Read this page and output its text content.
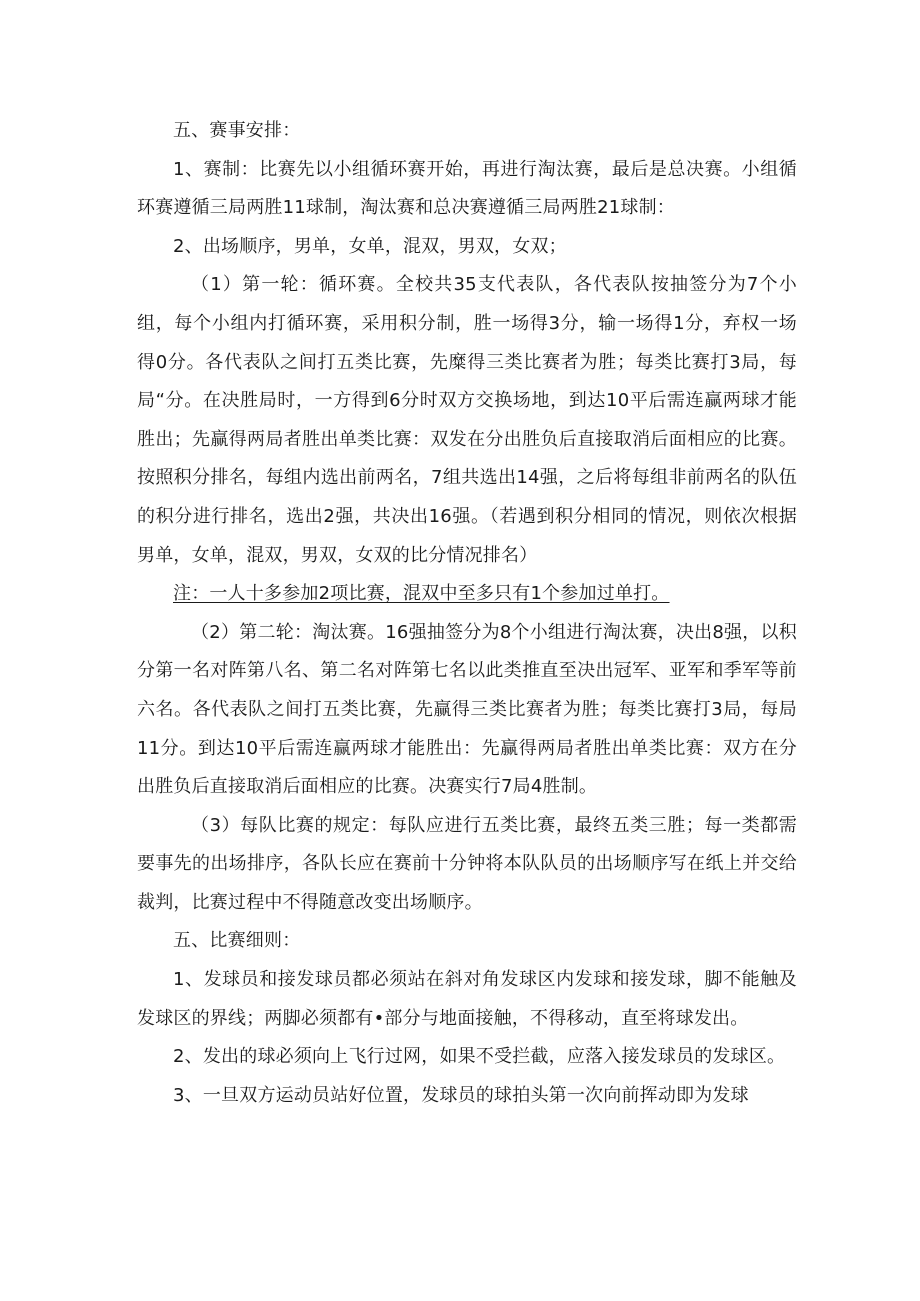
五、赛事安排：

1、赛制：比赛先以小组循环赛开始，再进行淘汰赛，最后是总决赛。小组循环赛遵循三局两胜11球制，淘汰赛和总决赛遵循三局两胜21球制：

2、出场顺序，男单，女单，混双，男双，女双；

（1）第一轮：循环赛。全校共35支代表队，各代表队按抽签分为7个小组，每个小组内打循环赛，采用积分制，胜一场得3分，输一场得1分，弃权一场得0分。各代表队之间打五类比赛，先糜得三类比赛者为胜；每类比赛打3局，每局“分。在决胜局时，一方得到6分时双方交换场地，到达10平后需连赢两球才能胜出；先赢得两局者胜出单类比赛：双发在分出胜负后直接取消后面相应的比赛。按照积分排名，每组内选出前两名，7组共选出14强，之后将每组非前两名的队伍的积分进行排名，选出2强，共决出16强。（若遇到积分相同的情况，则依次根据男单，女单，混双，男双，女双的比分情况排名）

注：一人十多参加2项比赛，混双中至多只有1个参加过单打。

（2）第二轮：淘汰赛。16强抽签分为8个小组进行淘汰赛，决出8强，以积分第一名对阵第八名、第二名对阵第七名以此类推直至决出冠军、亚军和季军等前六名。各代表队之间打五类比赛，先赢得三类比赛者为胜；每类比赛打3局，每局11分。到达10平后需连赢两球才能胜出：先赢得两局者胜出单类比赛：双方在分出胜负后直接取消后面相应的比赛。决赛实行7局4胜制。

（3）每队比赛的规定：每队应进行五类比赛，最终五类三胜；每一类都需要事先的出场排序，各队长应在赛前十分钟将本队队员的出场顺序写在纸上并交给裁判，比赛过程中不得随意改变出场顺序。

五、比赛细则：

1、发球员和接发球员都必须站在斜对角发球区内发球和接发球，脚不能触及发球区的界线；两脚必须都有•部分与地面接触，不得移动，直至将球发出。

2、发出的球必须向上飞行过网，如果不受拦截，应落入接发球员的发球区。

3、一旦双方运动员站好位置，发球员的球拍头第一次向前挥动即为发球
